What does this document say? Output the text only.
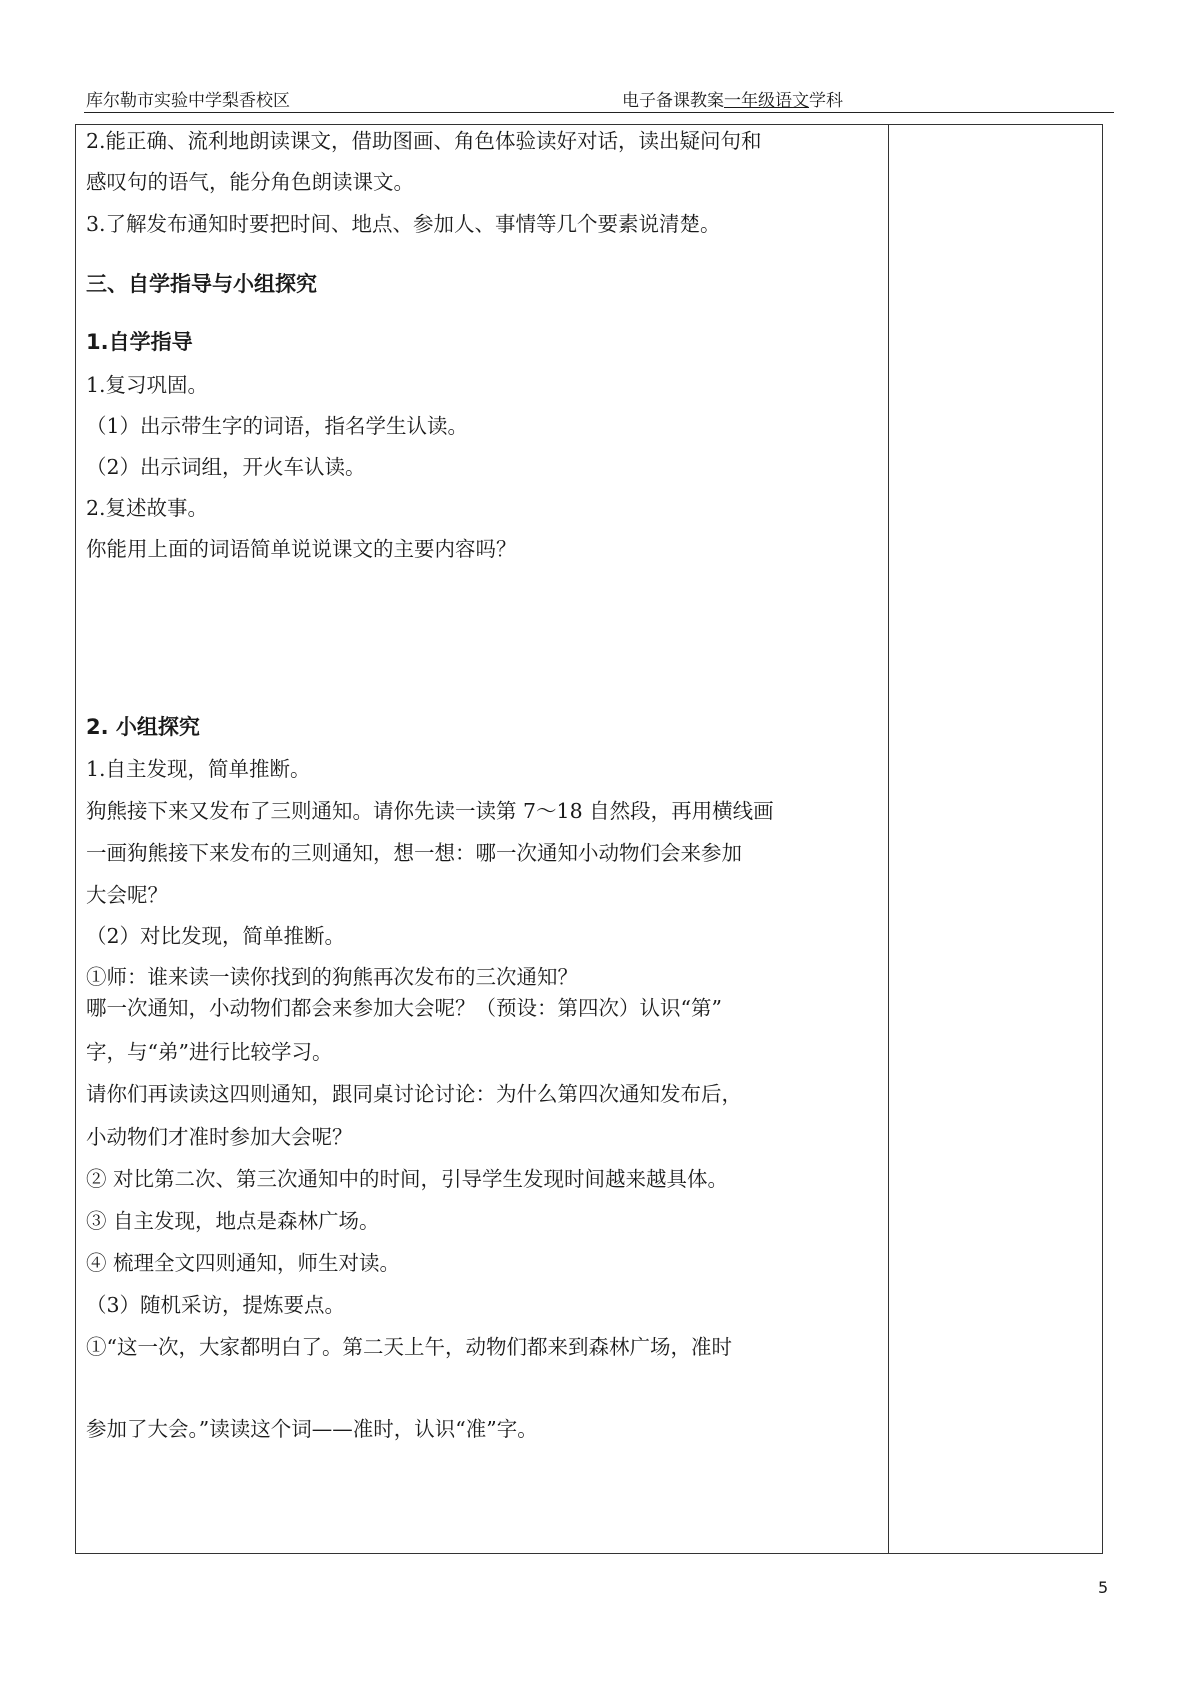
库尔勒市实验中学梨香校区	电子备课教案一年级语文学科
2.能正确、流利地朗读课文，借助图画、角色体验读好对话，读出疑问句和
感叹句的语气，能分角色朗读课文。
3.了解发布通知时要把时间、地点、参加人、事情等几个要素说清楚。
三、自学指导与小组探究
1.自学指导
1.复习巩固。
（1）出示带生字的词语，指名学生认读。
（2）出示词组，开火车认读。
2.复述故事。
你能用上面的词语简单说说课文的主要内容吗？
2. 小组探究
1.自主发现，简单推断。
狗熊接下来又发布了三则通知。请你先读一读第 7～18 自然段，再用横线画
一画狗熊接下来发布的三则通知，想一想：哪一次通知小动物们会来参加
大会呢？
（2）对比发现，简单推断。
①师：谁来读一读你找到的狗熊再次发布的三次通知？
哪一次通知，小动物们都会来参加大会呢？（预设：第四次）认识“第”
字，与“弟”进行比较学习。
请你们再读读这四则通知，跟同桌讨论讨论：为什么第四次通知发布后，
小动物们才准时参加大会呢？
② 对比第二次、第三次通知中的时间，引导学生发现时间越来越具体。
③ 自主发现，地点是森林广场。
④ 梳理全文四则通知，师生对读。
（3）随机采访，提炼要点。
①“这一次，大家都明白了。第二天上午，动物们都来到森林广场，准时
参加了大会。”读读这个词——准时，认识“准”字。
5
